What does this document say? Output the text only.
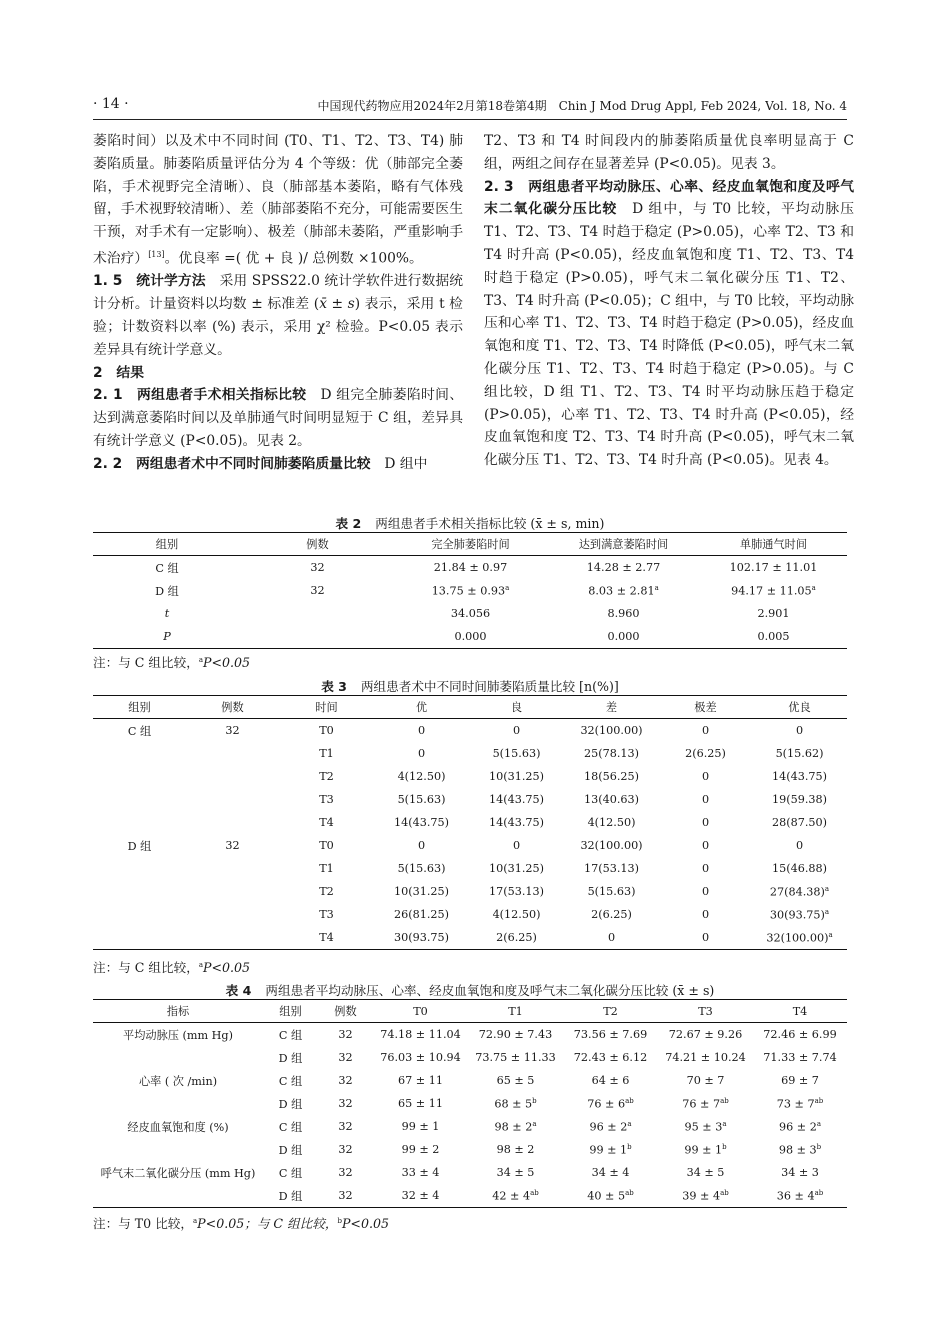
· 14 ·	中国现代药物应用2024年2月第18卷第4期　Chin J Mod Drug Appl, Feb 2024, Vol. 18, No. 4

萎陷时间）以及术中不同时间 (T0、T1、T2、T3、T4) 肺萎陷质量。肺萎陷质量评估分为 4 个等级：优（肺部完全萎陷，手术视野完全清晰）、良（肺部基本萎陷，略有气体残留，手术视野较清晰）、差（肺部萎陷不充分，可能需要医生干预，对手术有一定影响）、极差（肺部未萎陷，严重影响手术治疗）[13]。优良率 =( 优 + 良 )/ 总例数 ×100%。

1. 5　统计学方法　采用 SPSS22.0 统计学软件进行数据统计分析。计量资料以均数 ± 标准差 (x̄ ± s) 表示，采用 t 检验；计数资料以率 (%) 表示，采用 χ² 检验。P<0.05 表示差异具有统计学意义。

2　结果

2. 1　两组患者手术相关指标比较　D 组完全肺萎陷时间、达到满意萎陷时间以及单肺通气时间明显短于 C 组，差异具有统计学意义 (P<0.05)。见表 2。

2. 2　两组患者术中不同时间肺萎陷质量比较　D 组中

T2、T3 和 T4 时间段内的肺萎陷质量优良率明显高于 C 组，两组之间存在显著差异 (P<0.05)。见表 3。

2. 3　两组患者平均动脉压、心率、经皮血氧饱和度及呼气末二氧化碳分压比较　D 组中，与 T0 比较，平均动脉压 T1、T2、T3、T4 时趋于稳定 (P>0.05)，心率 T2、T3 和 T4 时升高 (P<0.05)，经皮血氧饱和度 T1、T2、T3、T4 时趋于稳定 (P>0.05)，呼气末二氧化碳分压 T1、T2、T3、T4 时升高 (P<0.05)；C 组中，与 T0 比较，平均动脉压和心率 T1、T2、T3、T4 时趋于稳定 (P>0.05)，经皮血氧饱和度 T1、T2、T3、T4 时降低 (P<0.05)，呼气末二氧化碳分压 T1、T2、T3、T4 时趋于稳定 (P>0.05)。与 C 组比较，D 组 T1、T2、T3、T4 时平均动脉压趋于稳定 (P>0.05)，心率 T1、T2、T3、T4 时升高 (P<0.05)，经皮血氧饱和度 T2、T3、T4 时升高 (P<0.05)，呼气末二氧化碳分压 T1、T2、T3、T4 时升高 (P<0.05)。见表 4。

表 2 两组患者手术相关指标比较 (x̄ ± s, min)
组别	例数	完全肺萎陷时间	达到满意萎陷时间	单肺通气时间
C 组	32	21.84 ± 0.97	14.28 ± 2.77	102.17 ± 11.01
D 组	32	13.75 ± 0.93$^a$	8.03 ± 2.81$^a$	94.17 ± 11.05$^a$
t		34.056	8.960	2.901
P		0.000	0.000	0.005
注：与 C 组比较，$^a$P<0.05
表 3 两组患者术中不同时间肺萎陷质量比较 [n(%)]
组别	例数	时间	优	良	差	极差	优良
C 组	32	T0	0	0	32(100.00)	0	0
		T1	0	5(15.63)	25(78.13)	2(6.25)	5(15.62)
		T2	4(12.50)	10(31.25)	18(56.25)	0	14(43.75)
		T3	5(15.63)	14(43.75)	13(40.63)	0	19(59.38)
		T4	14(43.75)	14(43.75)	4(12.50)	0	28(87.50)
D 组	32	T0	0	0	32(100.00)	0	0
		T1	5(15.63)	10(31.25)	17(53.13)	0	15(46.88)
		T2	10(31.25)	17(53.13)	5(15.63)	0	$27(84.38)^a$
		T3	26(81.25)	4(12.50)	2(6.25)	0	$30(93.75)^a$
		T4	30(93.75)	2(6.25)	0	0	$32(100.00)^a$
注：与 C 组比较，$^a$P<0.05
表 4 两组患者平均动脉压、心率、经皮血氧饱和度及呼气末二氧化碳分压比较 (x̄ ± s)
指标	组别	例数	T0	T1	T2	T3	T4
平均动脉压 (mm Hg)	C 组	32	74.18 ± 11.04	72.90 ± 7.43	73.56 ± 7.69	72.67 ± 9.26	72.46 ± 6.99
	D 组	32	76.03 ± 10.94	73.75 ± 11.33	72.43 ± 6.12	74.21 ± 10.24	71.33 ± 7.74
心率 ( 次 /min)	C 组	32	67 ± 11	65 ± 5	64 ± 6	70 ± 7	69 ± 7
	D 组	32	65 ± 11	$68 \pm 5^b$	$76 \pm 6^{ab}$	$76 \pm 7^{ab}$	$73 \pm 7^{ab}$
经皮血氧饱和度 (%)	C 组	32	99 ± 1	$98 \pm 2^a$	$96 \pm 2^a$	$95 \pm 3^a$	$96 \pm 2^a$
	D 组	32	99 ± 2	98 ± 2	$99 \pm 1^b$	$99 \pm 1^b$	$98 \pm 3^b$
呼气末二氧化碳分压 (mm Hg)	C 组	32	33 ± 4	34 ± 5	34 ± 4	34 ± 5	34 ± 3
	D 组	32	32 ± 4	$42 \pm 4^{ab}$	$40 \pm 5^{ab}$	$39 \pm 4^{ab}$	$36 \pm 4^{ab}$
注：与 T0 比较，$^a$P<0.05；与 C 组比较，$^b$P<0.05
